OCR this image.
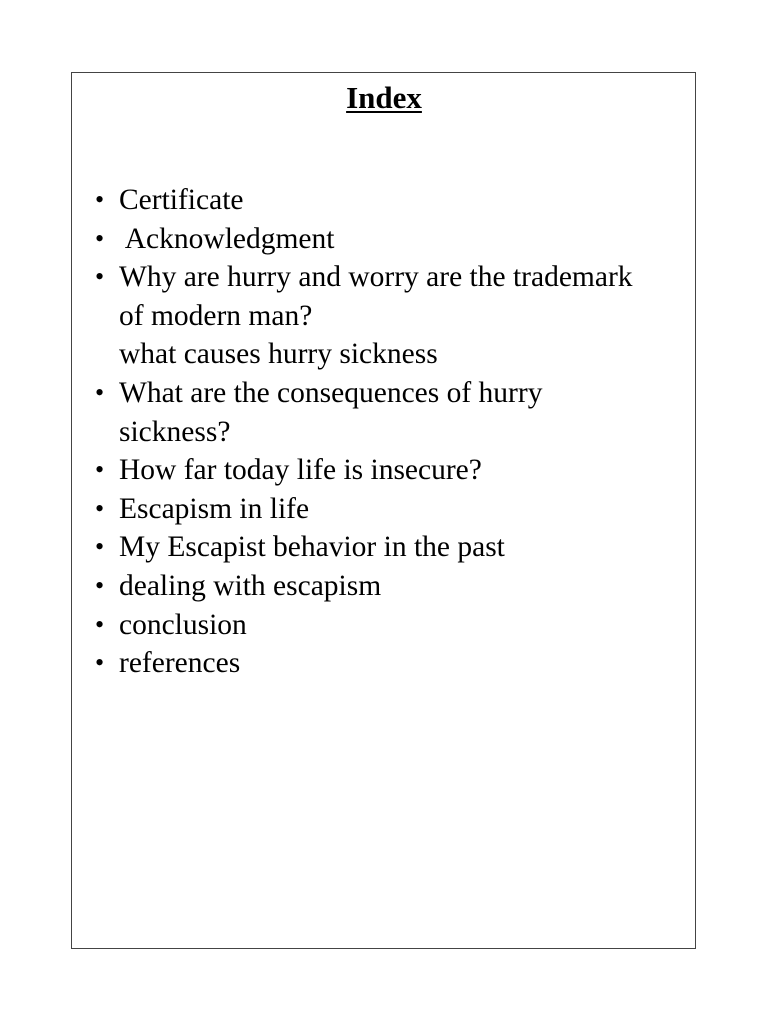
Index
• Certificate
• Acknowledgment
• Why are hurry and worry are the trademark
of modern man?
what causes hurry sickness
• What are the consequences of hurry
sickness?
• How far today life is insecure?
• Escapism in life
• My Escapist behavior in the past
• dealing with escapism
• conclusion
• references
